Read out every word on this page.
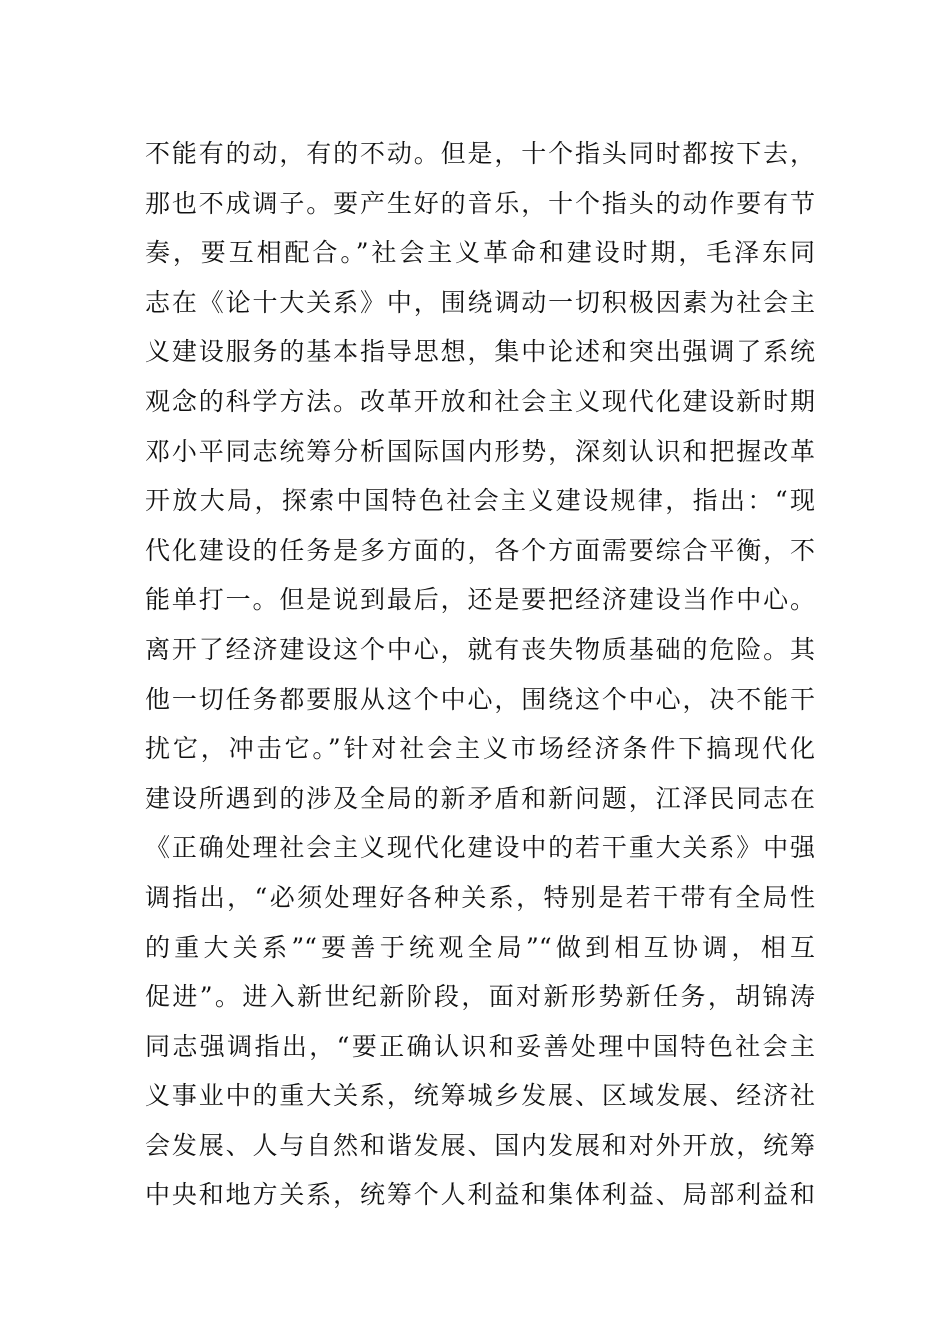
不能有的动，有的不动。但是，十个指头同时都按下去，
那也不成调子。要产生好的音乐，十个指头的动作要有节
奏，要互相配合。”社会主义革命和建设时期，毛泽东同
志在《论十大关系》中，围绕调动一切积极因素为社会主
义建设服务的基本指导思想，集中论述和突出强调了系统
观念的科学方法。改革开放和社会主义现代化建设新时期
邓小平同志统筹分析国际国内形势，深刻认识和把握改革
开放大局，探索中国特色社会主义建设规律，指出：“现
代化建设的任务是多方面的，各个方面需要综合平衡，不
能单打一。但是说到最后，还是要把经济建设当作中心。
离开了经济建设这个中心，就有丧失物质基础的危险。其
他一切任务都要服从这个中心，围绕这个中心，决不能干
扰它，冲击它。”针对社会主义市场经济条件下搞现代化
建设所遇到的涉及全局的新矛盾和新问题，江泽民同志在
《正确处理社会主义现代化建设中的若干重大关系》中强
调指出，“必须处理好各种关系，特别是若干带有全局性
的重大关系”“要善于统观全局”“做到相互协调，相互
促进”。进入新世纪新阶段，面对新形势新任务，胡锦涛
同志强调指出，“要正确认识和妥善处理中国特色社会主
义事业中的重大关系，统筹城乡发展、区域发展、经济社
会发展、人与自然和谐发展、国内发展和对外开放，统筹
中央和地方关系，统筹个人利益和集体利益、局部利益和
